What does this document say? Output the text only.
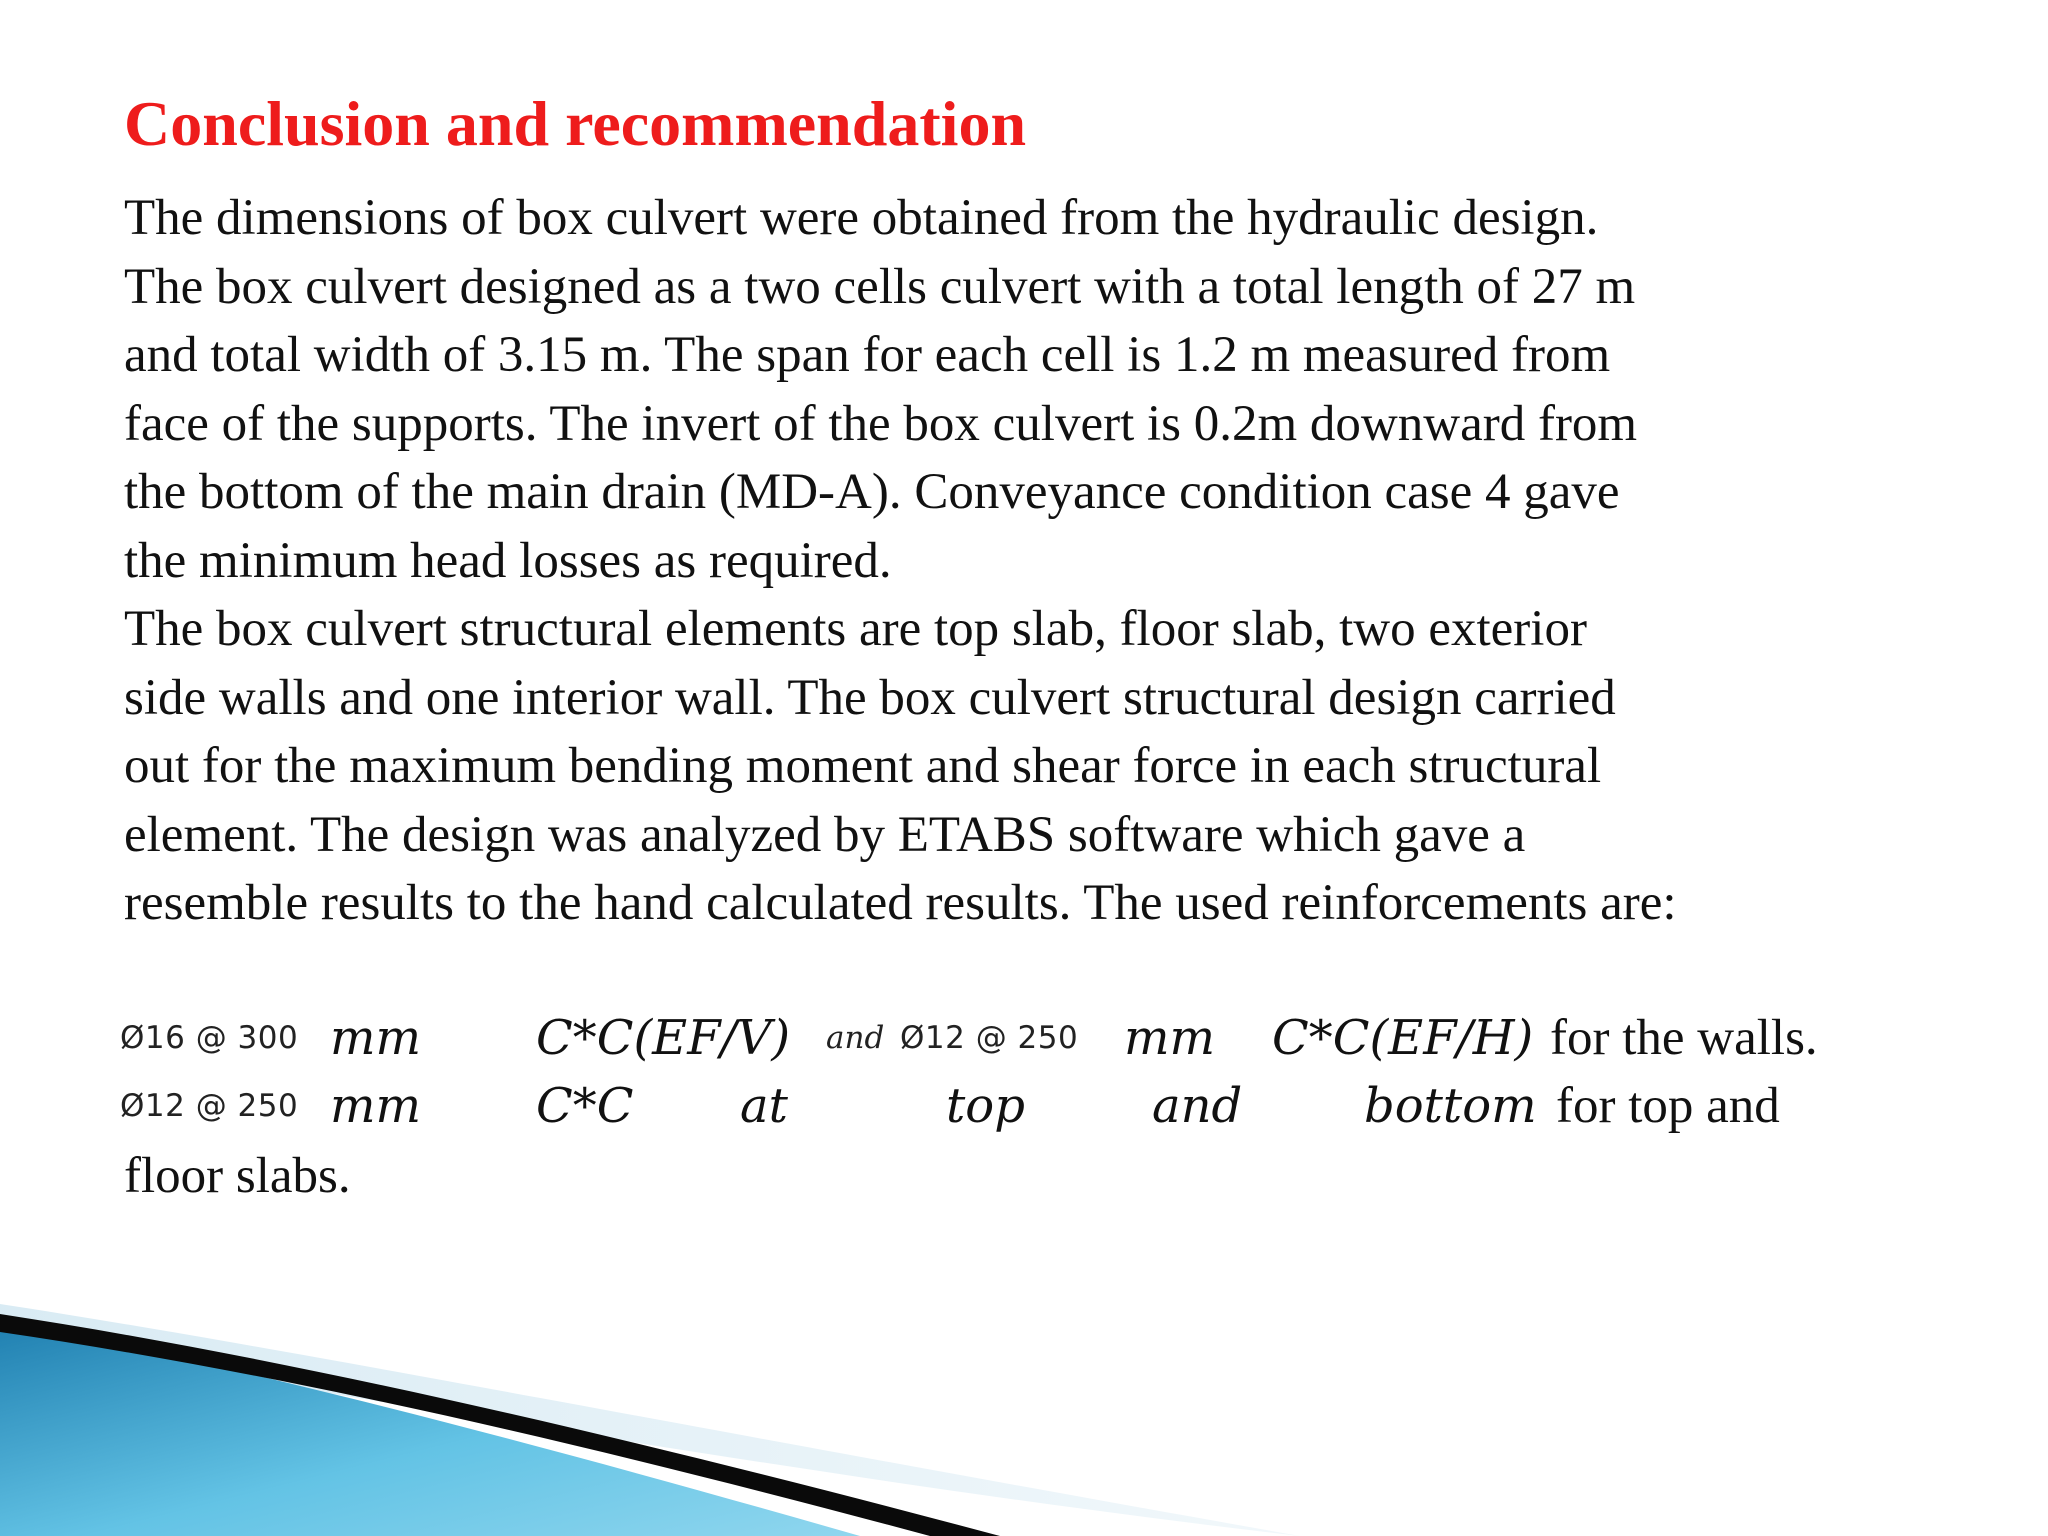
Conclusion and recommendation
The dimensions of box culvert were obtained from the hydraulic design.
The box culvert designed as a two cells culvert with a total length of 27 m
and total width of 3.15 m. The span for each cell is 1.2 m measured from
face of the supports. The invert of the box culvert is 0.2m downward from
the bottom of the main drain (MD-A). Conveyance condition case 4 gave
the minimum head losses as required.
The box culvert structural elements are top slab, floor slab, two exterior
side walls and one interior wall. The box culvert structural design carried
out for the maximum bending moment and shear force in each structural
element. The design was analyzed by ETABS software which gave a
resemble results to the hand calculated results. The used reinforcements are:
Ø16 @ 300 mm C*C(EF/V) and Ø12 @ 250 mm C*C(EF/H) for the walls.
Ø12 @ 250 mm C*C at	top	and	bottom for top and
floor slabs.
